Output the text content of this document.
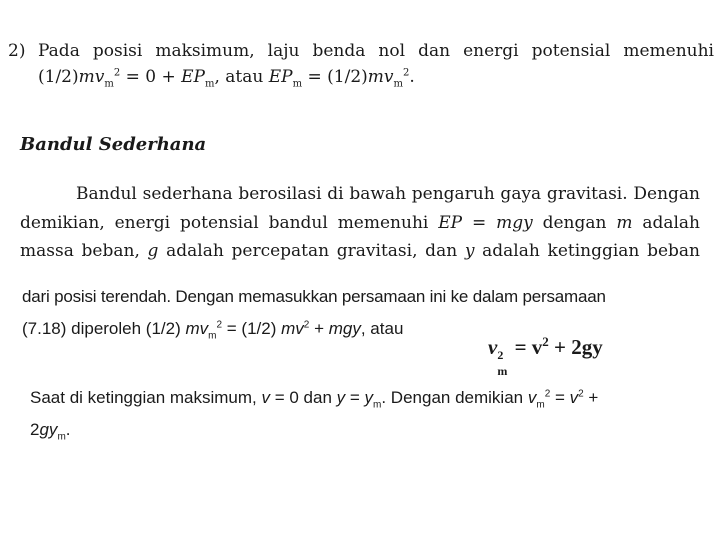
2) Pada posisi maksimum, laju benda nol dan energi potensial memenuhi
$(1/2)mv_m^2 = 0 + EP_m$, atau $EP_m = (1/2)mv_m^2$.
Bandul Sederhana
Bandul sederhana berosilasi di bawah pengaruh gaya gravitasi. Dengan
demikian, energi potensial bandul memenuhi EP = mgy dengan m adalah
massa beban, g adalah percepatan gravitasi, dan y adalah ketinggian beban
dari posisi terendah. Dengan memasukkan persamaan ini ke dalam persamaan
(7.18) diperoleh (1/2) $mv_m^2 = (1/2) mv^2$ + mgy, atau
v 2
m
= $v^2 + 2gy$
Saat di ketinggian maksimum, v = 0 dan $y = y_m$. Dengan demikian $v_m^2 = v^2$ +
$2gy_m$.
